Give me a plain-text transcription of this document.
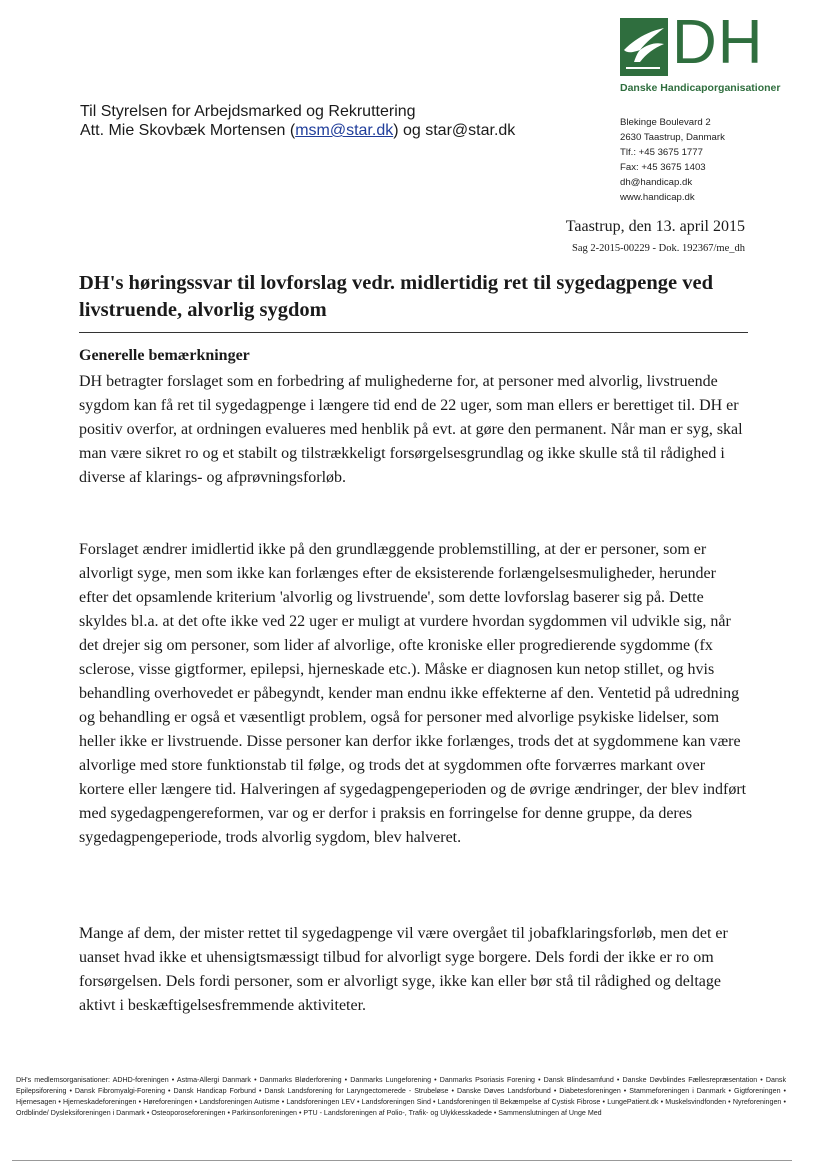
DH
Danske Handicaporganisationer
Til Styrelsen for Arbejdsmarked og Rekruttering
Att. Mie Skovbæk Mortensen (msm@star.dk) og star@star.dk	Blekinge Boulevard 2
2630 Taastrup, Danmark
Tlf.: +45 3675 1777
Fax: +45 3675 1403
dh@handicap.dk
www.handicap.dk
Taastrup, den 13. april 2015
Sag 2-2015-00229 - Dok. 192367/me_dh
DH's høringssvar til lovforslag vedr. midlertidig ret til sygedagpenge ved livstruende, alvorlig sygdom
Generelle bemærkninger
DH betragter forslaget som en forbedring af mulighederne for, at personer med alvorlig, livstruende sygdom kan få ret til sygedagpenge i længere tid end de 22 uger, som man ellers er berettiget til. DH er positiv overfor, at ordningen evalueres med henblik på evt. at gøre den permanent. Når man er syg, skal man være sikret ro og et stabilt og tilstrækkeligt forsørgelsesgrundlag og ikke skulle stå til rådighed i diverse af klarings- og afprøvningsforløb.
Forslaget ændrer imidlertid ikke på den grundlæggende problemstilling, at der er personer, som er alvorligt syge, men som ikke kan forlænges efter de eksisterende forlængelsesmuligheder, herunder efter det opsamlende kriterium 'alvorlig og livstruende', som dette lovforslag baserer sig på. Dette skyldes bl.a. at det ofte ikke ved 22 uger er muligt at vurdere hvordan sygdommen vil udvikle sig, når det drejer sig om personer, som lider af alvorlige, ofte kroniske eller progredierende sygdomme (fx sclerose, visse gigtformer, epilepsi, hjerneskade etc.). Måske er diagnosen kun netop stillet, og hvis behandling overhovedet er påbegyndt, kender man endnu ikke effekterne af den. Ventetid på udredning og behandling er også et væsentligt problem, også for personer med alvorlige psykiske lidelser, som heller ikke er livstruende. Disse personer kan derfor ikke forlænges, trods det at sygdommene kan være alvorlige med store funktionstab til følge, og trods det at sygdommen ofte forværres markant over kortere eller længere tid. Halveringen af sygedagpengeperioden og de øvrige ændringer, der blev indført med sygedagpengereformen, var og er derfor i praksis en forringelse for denne gruppe, da deres sygedagpengeperiode, trods alvorlig sygdom, blev halveret.
Mange af dem, der mister rettet til sygedagpenge vil være overgået til jobafklaringsforløb, men det er uanset hvad ikke et uhensigtsmæssigt tilbud for alvorligt syge borgere. Dels fordi der ikke er ro om forsørgelsen. Dels fordi personer, som er alvorligt syge, ikke kan eller bør stå til rådighed og deltage aktivt i beskæftigelsesfremmende aktiviteter.
DH's medlemsorganisationer: ADHD-foreningen • Astma-Allergi Danmark • Danmarks Bløderforening • Danmarks Lungeforening • Danmarks Psoriasis Forening • Dansk Blindesamfund • Danske Døvblindes Fællesrepræsentation • Dansk Epilepsiforening • Dansk Fibromyalgi-Forening • Dansk Handicap Forbund • Dansk Landsforening for Laryngectomerede - Strubeløse • Danske Døves Landsforbund • Diabetesforeningen • Stammeforeningen i Danmark • Gigtforeningen • Hjernesagen • Hjerneskadeforeningen • Høreforeningen • Landsforeningen Autisme • Landsforeningen LEV • Landsforeningen Sind • Landsforeningen til Bekæmpelse af Cystisk Fibrose • LungePatient.dk • Muskelsvindfonden • Nyreforeningen • Ordblinde/ Dysleksiforeningen i Danmark • Osteoporoseforeningen • Parkinsonforeningen • PTU - Landsforeningen af Polio-, Trafik- og Ulykkesskadede • Sammenslutningen af Unge Med
